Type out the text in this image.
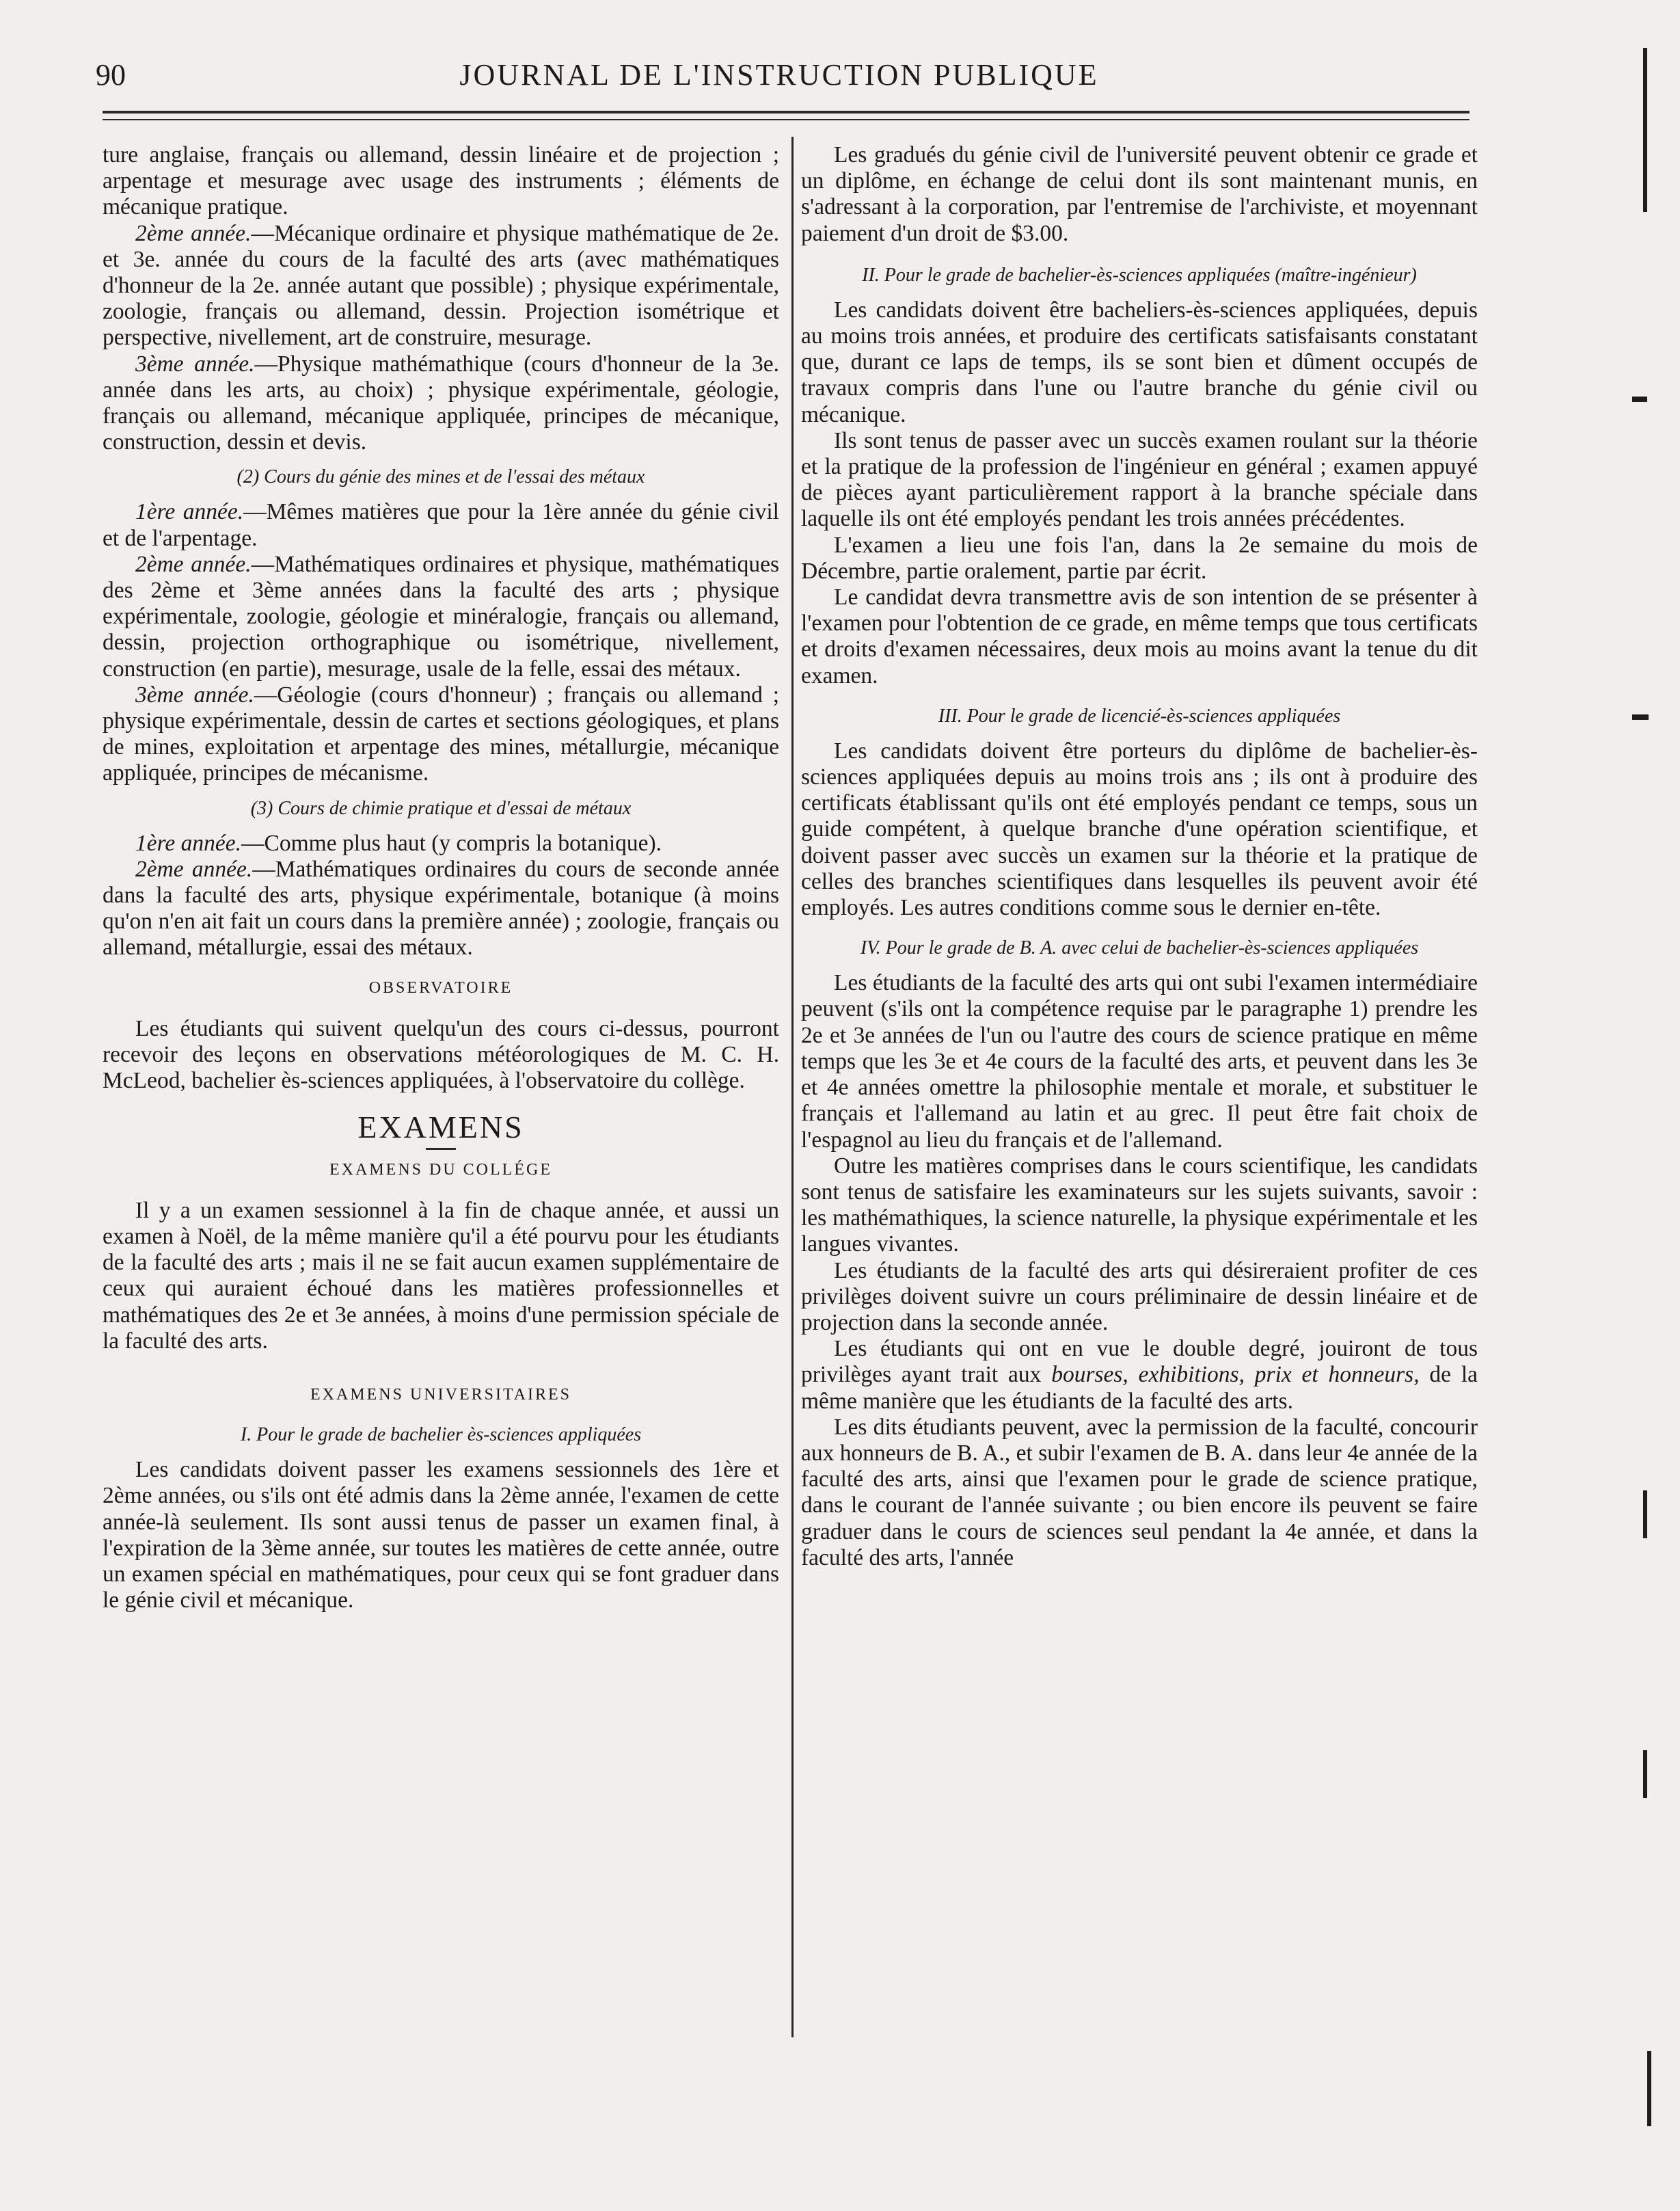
90	JOURNAL DE L'INSTRUCTION PUBLIQUE

ture anglaise, français ou allemand, dessin linéaire et de projection ; arpentage et mesurage avec usage des instruments ; éléments de mécanique pratique.

2ème année.—Mécanique ordinaire et physique mathématique de 2e. et 3e. année du cours de la faculté des arts (avec mathématiques d'honneur de la 2e. année autant que possible) ; physique expérimentale, zoologie, français ou allemand, dessin. Projection isométrique et perspective, nivellement, art de construire, mesurage.

3ème année.—Physique mathémathique (cours d'honneur de la 3e. année dans les arts, au choix) ; physique expérimentale, géologie, français ou allemand, mécanique appliquée, principes de mécanique, construction, dessin et devis.

(2) Cours du génie des mines et de l'essai des métaux

1ère année.—Mêmes matières que pour la 1ère année du génie civil et de l'arpentage.

2ème année.—Mathématiques ordinaires et physique, mathématiques des 2ème et 3ème années dans la faculté des arts ; physique expérimentale, zoologie, géologie et minéralogie, français ou allemand, dessin, projection orthographique ou isométrique, nivellement, construction (en partie), mesurage, usale de la felle, essai des métaux.

3ème année.—Géologie (cours d'honneur) ; français ou allemand ; physique expérimentale, dessin de cartes et sections géologiques, et plans de mines, exploitation et arpentage des mines, métallurgie, mécanique appliquée, principes de mécanisme.

(3) Cours de chimie pratique et d'essai de métaux

1ère année.—Comme plus haut (y compris la botanique).

2ème année.—Mathématiques ordinaires du cours de seconde année dans la faculté des arts, physique expérimentale, botanique (à moins qu'on n'en ait fait un cours dans la première année) ; zoologie, français ou allemand, métallurgie, essai des métaux.

OBSERVATOIRE

Les étudiants qui suivent quelqu'un des cours ci-dessus, pourront recevoir des leçons en observations météorologiques de M. C. H. McLeod, bachelier ès-sciences appliquées, à l'observatoire du collège.

EXAMENS
EXAMENS DU COLLÉGE

Il y a un examen sessionnel à la fin de chaque année, et aussi un examen à Noël, de la même manière qu'il a été pourvu pour les étudiants de la faculté des arts ; mais il ne se fait aucun examen supplémentaire de ceux qui auraient échoué dans les matières professionnelles et mathématiques des 2e et 3e années, à moins d'une permission spéciale de la faculté des arts.

EXAMENS UNIVERSITAIRES
I. Pour le grade de bachelier ès-sciences appliquées

Les candidats doivent passer les examens sessionnels des 1ère et 2ème années, ou s'ils ont été admis dans la 2ème année, l'examen de cette année-là seulement. Ils sont aussi tenus de passer un examen final, à l'expiration de la 3ème année, sur toutes les matières de cette année, outre un examen spécial en mathématiques, pour ceux qui se font graduer dans le génie civil et mécanique.

Les gradués du génie civil de l'université peuvent obtenir ce grade et un diplôme, en échange de celui dont ils sont maintenant munis, en s'adressant à la corporation, par l'entremise de l'archiviste, et moyennant paiement d'un droit de $3.00.

II. Pour le grade de bachelier-ès-sciences appliquées (maître-ingénieur)

Les candidats doivent être bacheliers-ès-sciences appliquées, depuis au moins trois années, et produire des certificats satisfaisants constatant que, durant ce laps de temps, ils se sont bien et dûment occupés de travaux compris dans l'une ou l'autre branche du génie civil ou mécanique.

Ils sont tenus de passer avec un succès examen roulant sur la théorie et la pratique de la profession de l'ingénieur en général ; examen appuyé de pièces ayant particulièrement rapport à la branche spéciale dans laquelle ils ont été employés pendant les trois années précédentes.

L'examen a lieu une fois l'an, dans la 2e semaine du mois de Décembre, partie oralement, partie par écrit.

Le candidat devra transmettre avis de son intention de se présenter à l'examen pour l'obtention de ce grade, en même temps que tous certificats et droits d'examen nécessaires, deux mois au moins avant la tenue du dit examen.

III. Pour le grade de licencié-ès-sciences appliquées

Les candidats doivent être porteurs du diplôme de bachelier-ès-sciences appliquées depuis au moins trois ans ; ils ont à produire des certificats établissant qu'ils ont été employés pendant ce temps, sous un guide compétent, à quelque branche d'une opération scientifique, et doivent passer avec succès un examen sur la théorie et la pratique de celles des branches scientifiques dans lesquelles ils peuvent avoir été employés. Les autres conditions comme sous le dernier en-tête.

IV. Pour le grade de B. A. avec celui de bachelier-ès-sciences appliquées

Les étudiants de la faculté des arts qui ont subi l'examen intermédiaire peuvent (s'ils ont la compétence requise par le paragraphe 1) prendre les 2e et 3e années de l'un ou l'autre des cours de science pratique en même temps que les 3e et 4e cours de la faculté des arts, et peuvent dans les 3e et 4e années omettre la philosophie mentale et morale, et substituer le français et l'allemand au latin et au grec. Il peut être fait choix de l'espagnol au lieu du français et de l'allemand.

Outre les matières comprises dans le cours scientifique, les candidats sont tenus de satisfaire les examinateurs sur les sujets suivants, savoir : les mathémathiques, la science naturelle, la physique expérimentale et les langues vivantes.

Les étudiants de la faculté des arts qui désireraient profiter de ces privilèges doivent suivre un cours préliminaire de dessin linéaire et de projection dans la seconde année.

Les étudiants qui ont en vue le double degré, jouiront de tous privilèges ayant trait aux bourses, exhibitions, prix et honneurs, de la même manière que les étudiants de la faculté des arts.

Les dits étudiants peuvent, avec la permission de la faculté, concourir aux honneurs de B. A., et subir l'examen de B. A. dans leur 4e année de la faculté des arts, ainsi que l'examen pour le grade de science pratique, dans le courant de l'année suivante ; ou bien encore ils peuvent se faire graduer dans le cours de sciences seul pendant la 4e année, et dans la faculté des arts, l'année
